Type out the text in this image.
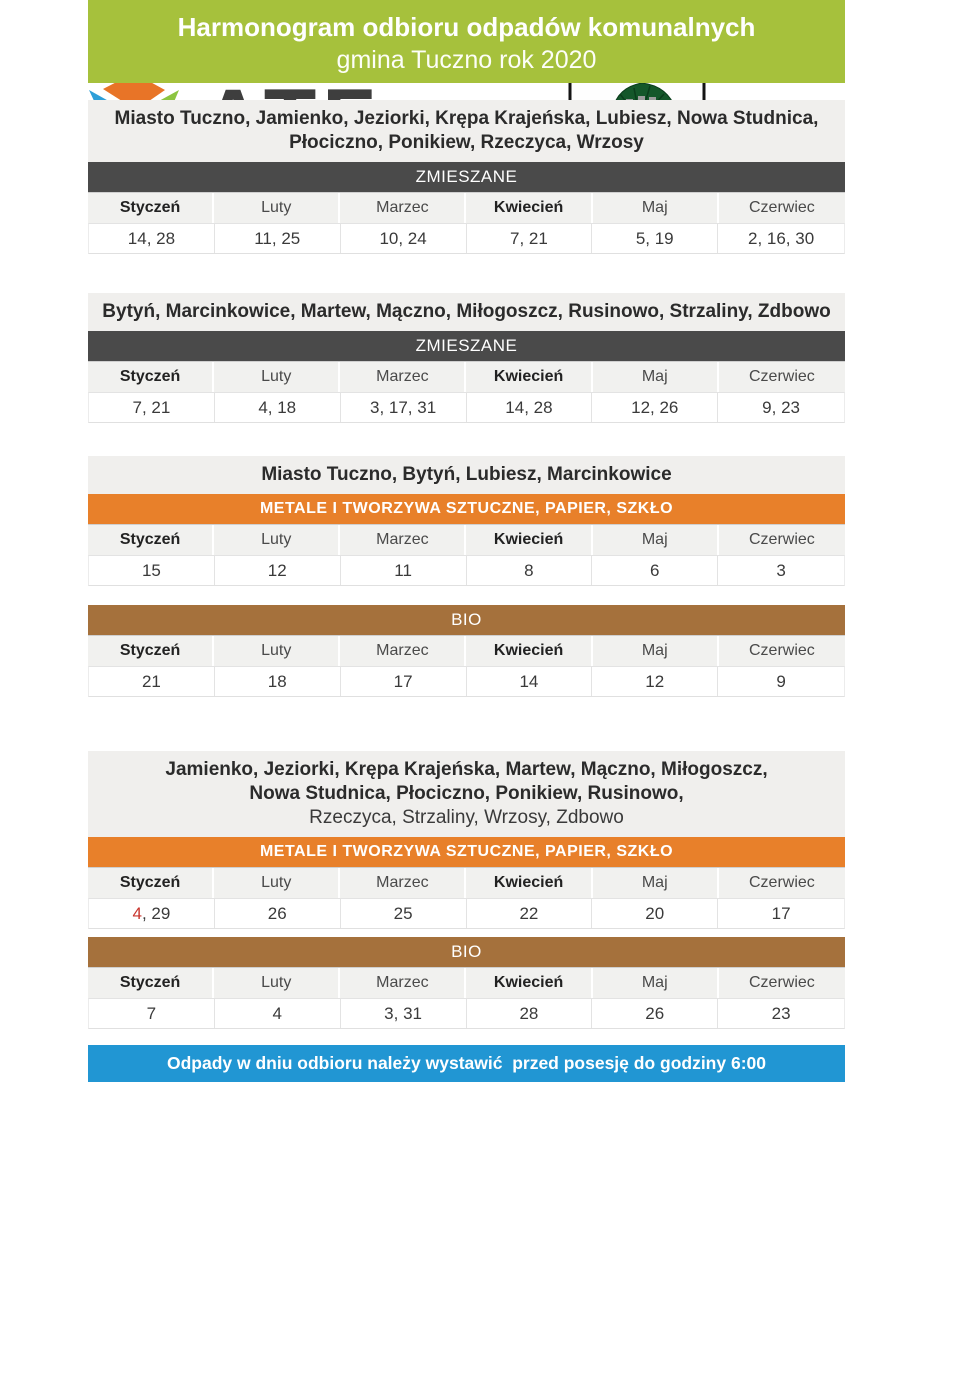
Harmonogram odbioru odpadów komunalnych
gmina Tuczno rok 2020
Miasto Tuczno, Jamienko, Jeziorki, Krępa Krajeńska, Lubiesz, Nowa Studnica,
Płociczno, Ponikiew, Rzeczyca, Wrzosy
ZMIESZANE
Styczeń	Luty	Marzec	Kwiecień	Maj	Czerwiec
14, 28	11, 25	10, 24	7, 21	5, 19	2, 16, 30
Bytyń, Marcinkowice, Martew, Mączno, Miłogoszcz, Rusinowo, Strzaliny, Zdbowo
ZMIESZANE
Styczeń	Luty	Marzec	Kwiecień	Maj	Czerwiec
7, 21	4, 18	3, 17, 31	14, 28	12, 26	9, 23
Miasto Tuczno, Bytyń, Lubiesz, Marcinkowice
METALE I TWORZYWA SZTUCZNE, PAPIER, SZKŁO
Styczeń	Luty	Marzec	Kwiecień	Maj	Czerwiec
15	12	11	8	6	3
BIO
Styczeń	Luty	Marzec	Kwiecień	Maj	Czerwiec
21	18	17	14	12	9
Jamienko, Jeziorki, Krępa Krajeńska, Martew, Mączno, Miłogoszcz,
Nowa Studnica, Płociczno, Ponikiew, Rusinowo,
Rzeczyca, Strzaliny, Wrzosy, Zdbowo
METALE I TWORZYWA SZTUCZNE, PAPIER, SZKŁO
Styczeń	Luty	Marzec	Kwiecień	Maj	Czerwiec
4, 29	26	25	22	20	17
BIO
Styczeń	Luty	Marzec	Kwiecień	Maj	Czerwiec
7	4	3, 31	28	26	23
Odpady w dniu odbioru należy wystawić  przed posesję do godziny 6:00
